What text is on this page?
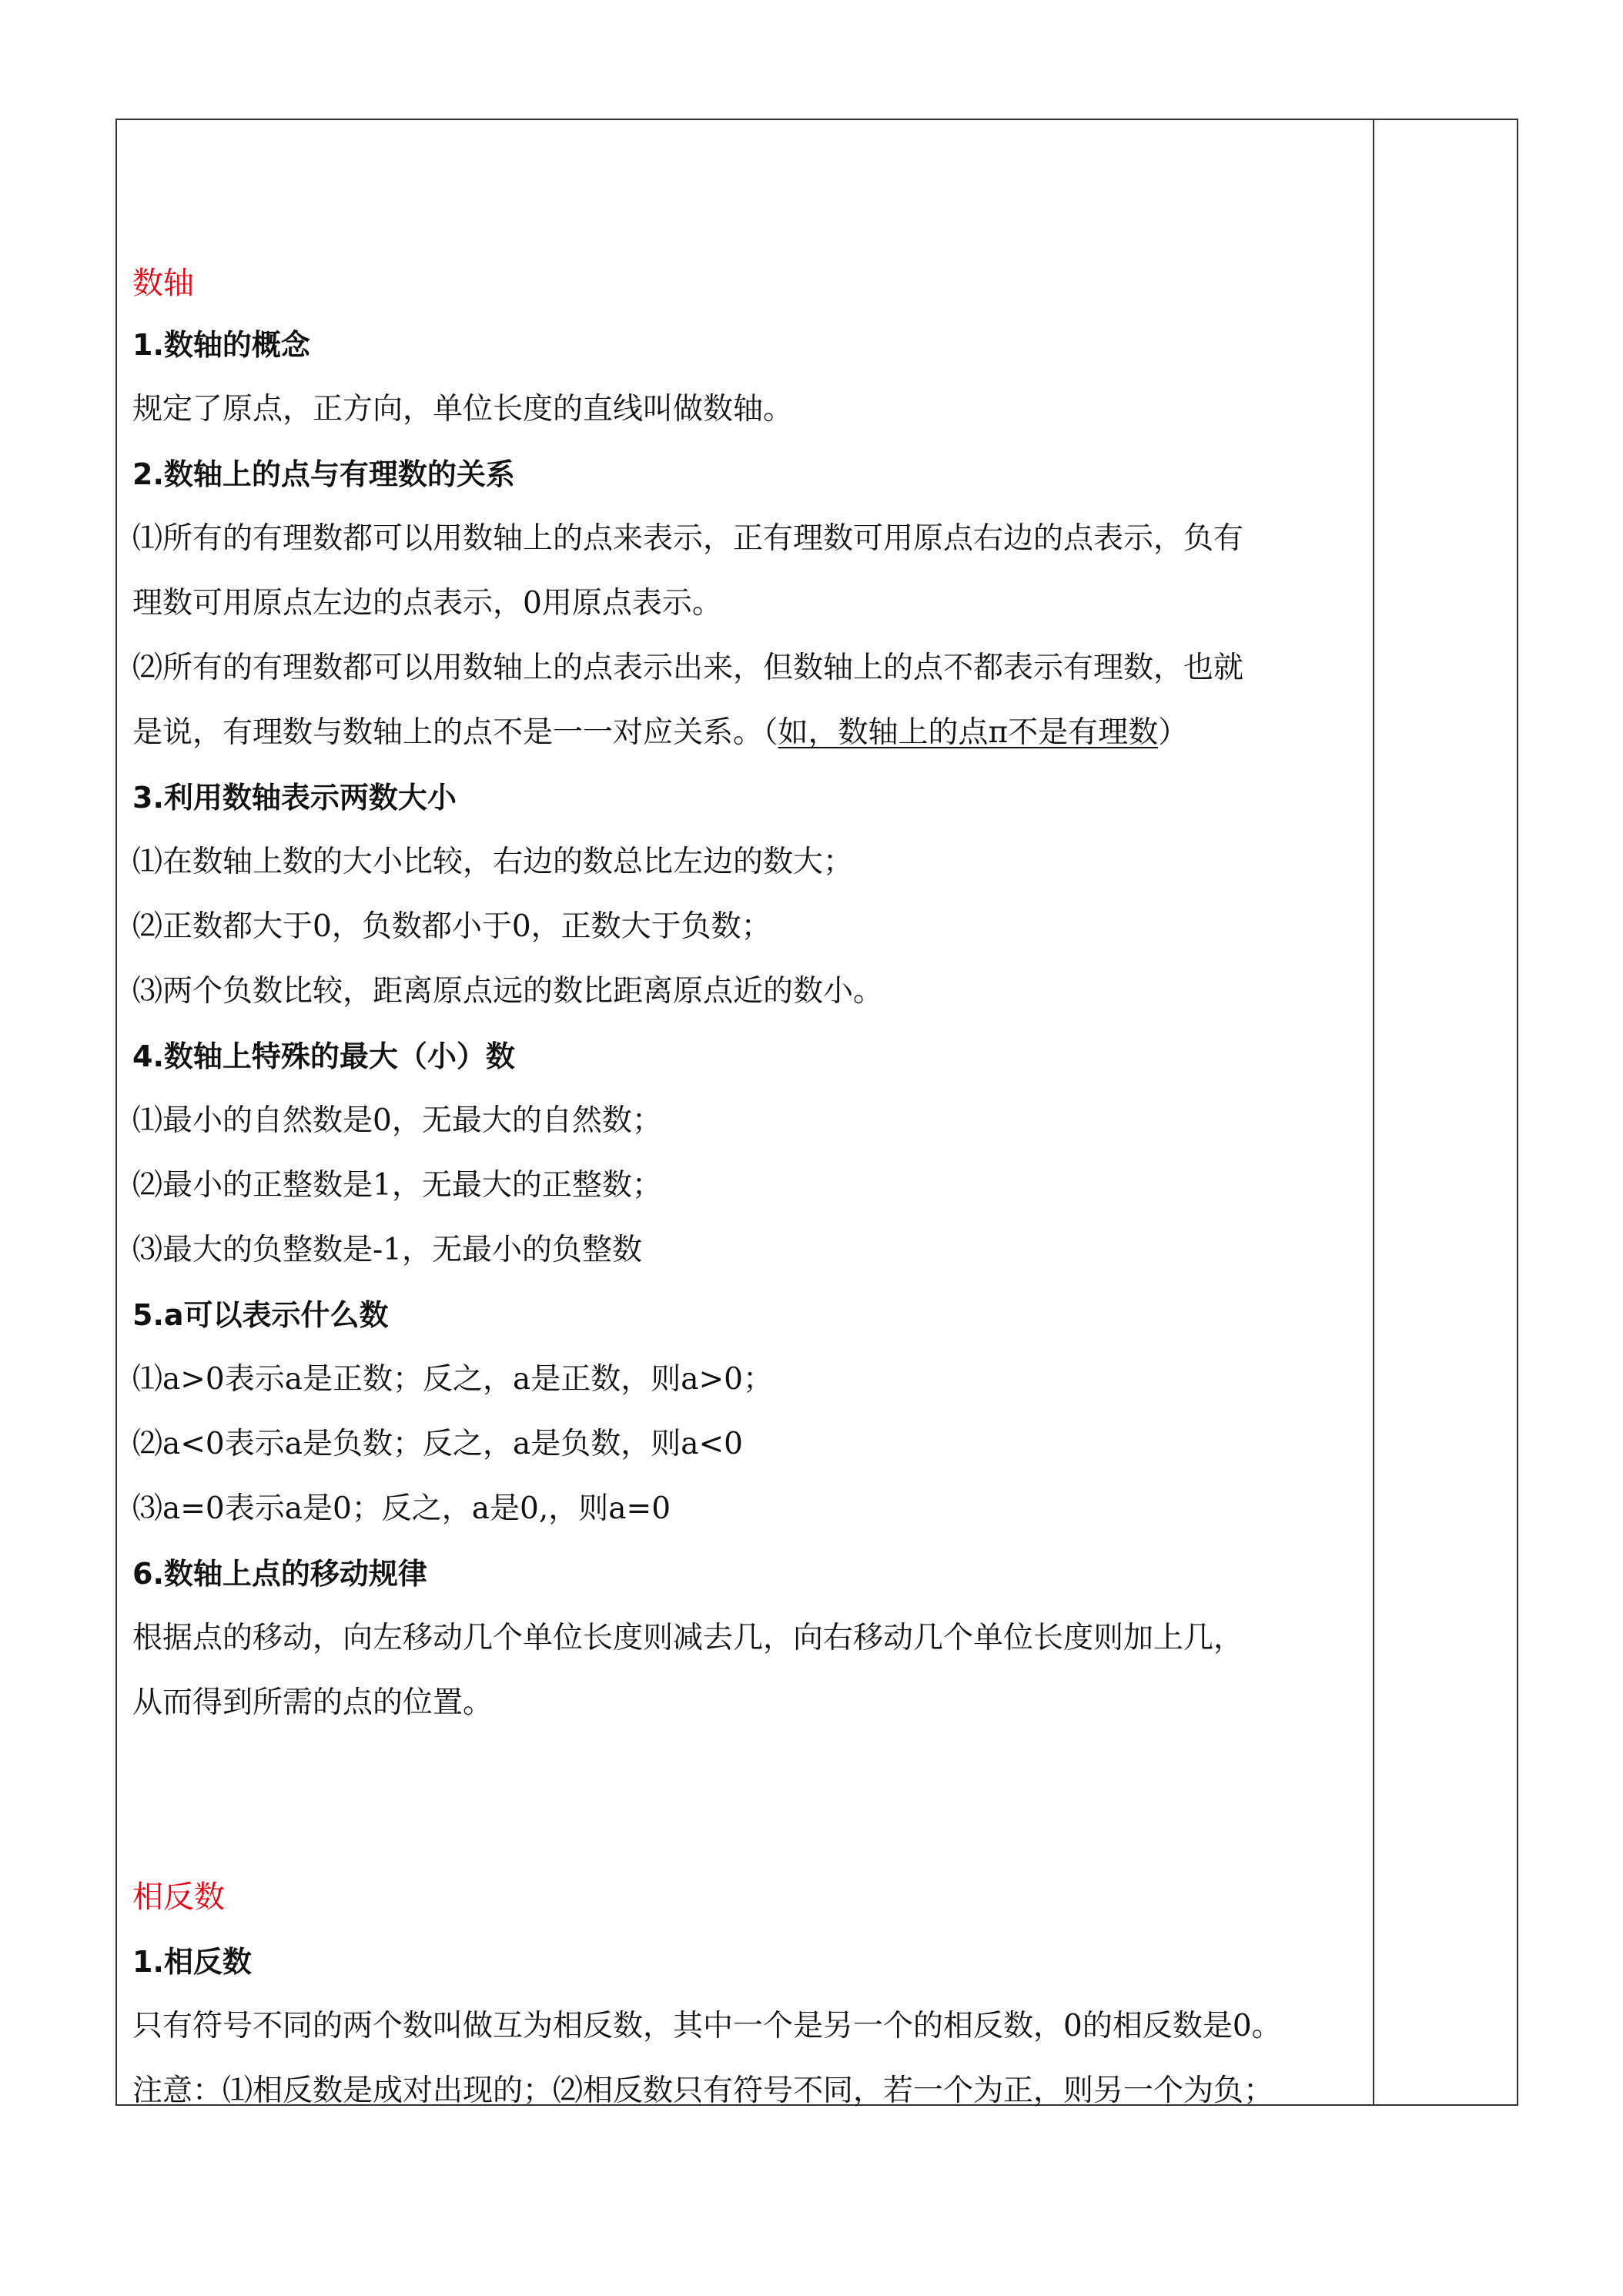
数轴
1.数轴的概念
规定了原点，正方向，单位长度的直线叫做数轴。
2.数轴上的点与有理数的关系
⑴所有的有理数都可以用数轴上的点来表示，正有理数可用原点右边的点表示，负有
理数可用原点左边的点表示，0用原点表示。
⑵所有的有理数都可以用数轴上的点表示出来，但数轴上的点不都表示有理数，也就
是说，有理数与数轴上的点不是一一对应关系。（如，数轴上的点π不是有理数）
3.利用数轴表示两数大小
⑴在数轴上数的大小比较，右边的数总比左边的数大；
⑵正数都大于0，负数都小于0，正数大于负数；
⑶两个负数比较，距离原点远的数比距离原点近的数小。
4.数轴上特殊的最大（小）数
⑴最小的自然数是0，无最大的自然数；
⑵最小的正整数是1，无最大的正整数；
⑶最大的负整数是-1，无最小的负整数
5.a可以表示什么数
⑴a>0表示a是正数；反之，a是正数，则a>0；
⑵a<0表示a是负数；反之，a是负数，则a<0
⑶a=0表示a是0；反之，a是0,，则a=0
6.数轴上点的移动规律
根据点的移动，向左移动几个单位长度则减去几，向右移动几个单位长度则加上几，
从而得到所需的点的位置。
相反数
1.相反数
只有符号不同的两个数叫做互为相反数，其中一个是另一个的相反数，0的相反数是0。
注意：⑴相反数是成对出现的；⑵相反数只有符号不同，若一个为正，则另一个为负；
